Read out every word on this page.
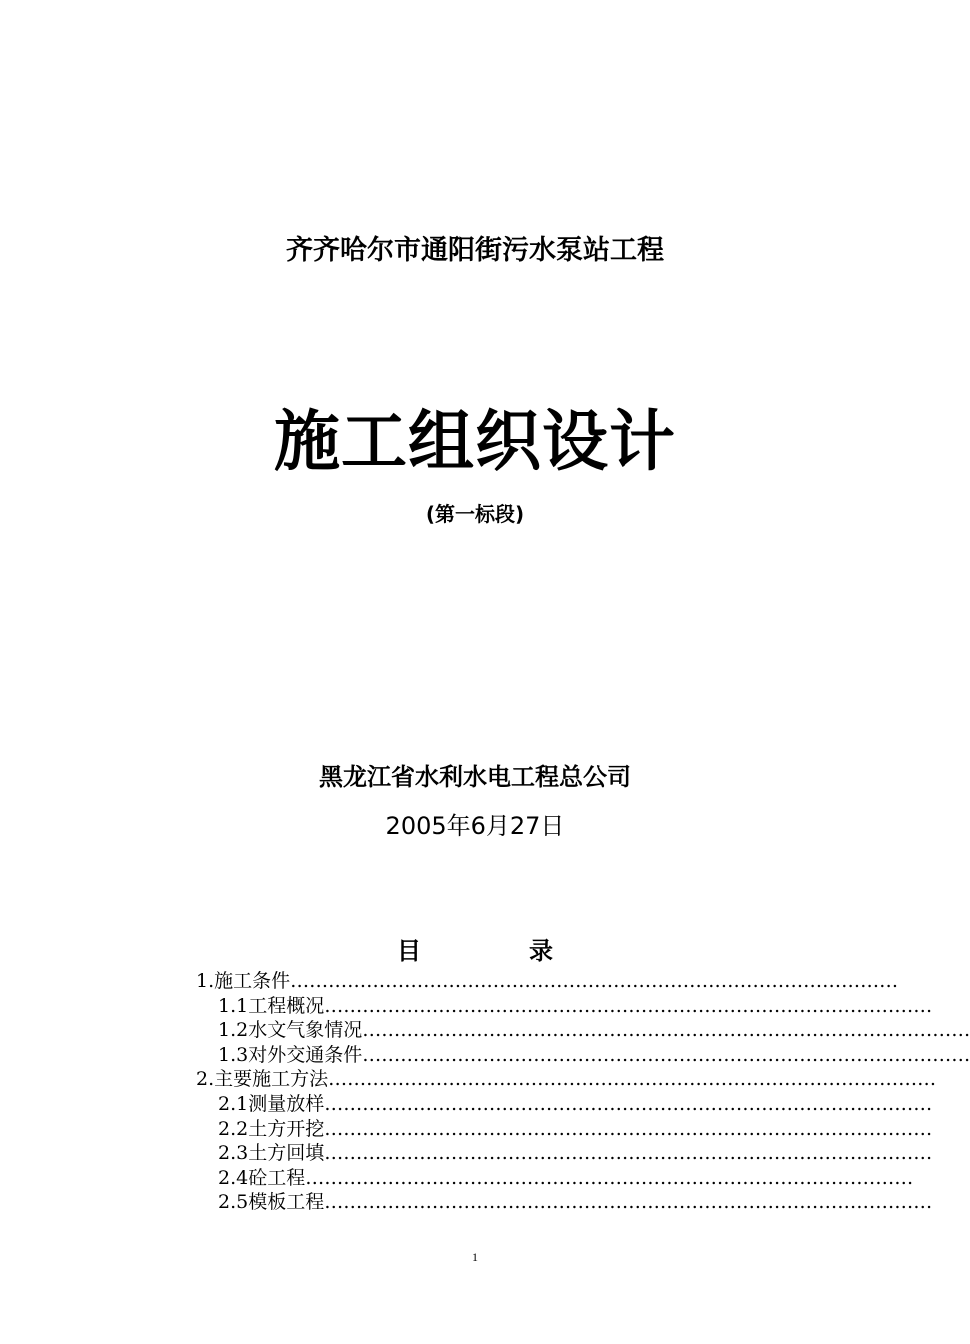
齐齐哈尔市通阳街污水泵站工程
施工组织设计
(第一标段)
黑龙江省水利水电工程总公司
2005年6月27日
目	录
1.施工条件……………………………………………………………………………………
1.1工程概况……………………………………………………………………………………
1.2水文气象情况……………………………………………………………………………………
1.3对外交通条件……………………………………………………………………………………
2.主要施工方法……………………………………………………………………………………
2.1测量放样……………………………………………………………………………………
2.2土方开挖……………………………………………………………………………………
2.3土方回填……………………………………………………………………………………
2.4砼工程……………………………………………………………………………………
2.5模板工程……………………………………………………………………………………
1
